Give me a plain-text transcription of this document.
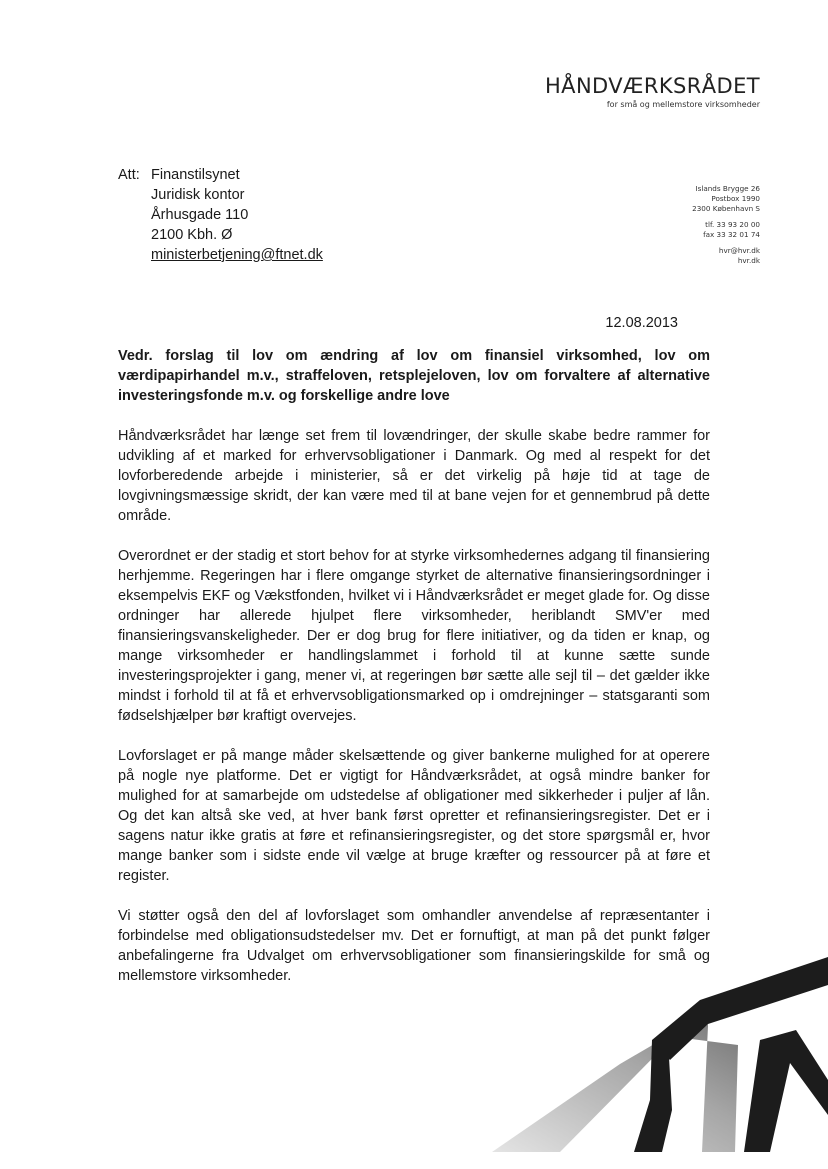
HÅNDVÆRKSRÅDET
for små og mellemstore virksomheder
Att: Finanstilsynet
Juridisk kontor
Århusgade 110
2100 Kbh. Ø
ministerbetjening@ftnet.dk
Islands Brygge 26
Postbox 1990
2300 København S
tlf. 33 93 20 00
fax 33 32 01 74
hvr@hvr.dk
hvr.dk
12.08.2013
Vedr. forslag til lov om ændring af lov om finansiel virksomhed, lov om værdipapirhandel m.v., straffeloven, retsplejeloven, lov om forvaltere af alternative investeringsfonde m.v. og forskellige andre love

Håndværksrådet har længe set frem til lovændringer, der skulle skabe bedre rammer for udvikling af et marked for erhvervsobligationer i Danmark. Og med al respekt for det lovforberedende arbejde i ministerier, så er det virkelig på høje tid at tage de lovgivningsmæssige skridt, der kan være med til at bane vejen for et gennembrud på dette område.

Overordnet er der stadig et stort behov for at styrke virksomhedernes adgang til finansiering herhjemme. Regeringen har i flere omgange styrket de alternative finansieringsordninger i eksempelvis EKF og Vækstfonden, hvilket vi i Håndværksrådet er meget glade for. Og disse ordninger har allerede hjulpet flere virksomheder, heriblandt SMV'er med finansieringsvanskeligheder. Der er dog brug for flere initiativer, og da tiden er knap, og mange virksomheder er handlingslammet i forhold til at kunne sætte sunde investeringsprojekter i gang, mener vi, at regeringen bør sætte alle sejl til – det gælder ikke mindst i forhold til at få et erhvervsobligationsmarked op i omdrejninger – statsgaranti som fødselshjælper bør kraftigt overvejes.

Lovforslaget er på mange måder skelsættende og giver bankerne mulighed for at operere på nogle nye platforme. Det er vigtigt for Håndværksrådet, at også mindre banker for mulighed for at samarbejde om udstedelse af obligationer med sikkerheder i puljer af lån. Og det kan altså ske ved, at hver bank først opretter et refinansieringsregister. Det er i sagens natur ikke gratis at føre et refinansieringsregister, og det store spørgsmål er, hvor mange banker som i sidste ende vil vælge at bruge kræfter og ressourcer på at føre et register.

Vi støtter også den del af lovforslaget som omhandler anvendelse af repræsentanter i forbindelse med obligationsudstedelser mv. Det er fornuftigt, at man på det punkt følger anbefalingerne fra Udvalget om erhvervsobligationer som finansieringskilde for små og mellemstore virksomheder.
